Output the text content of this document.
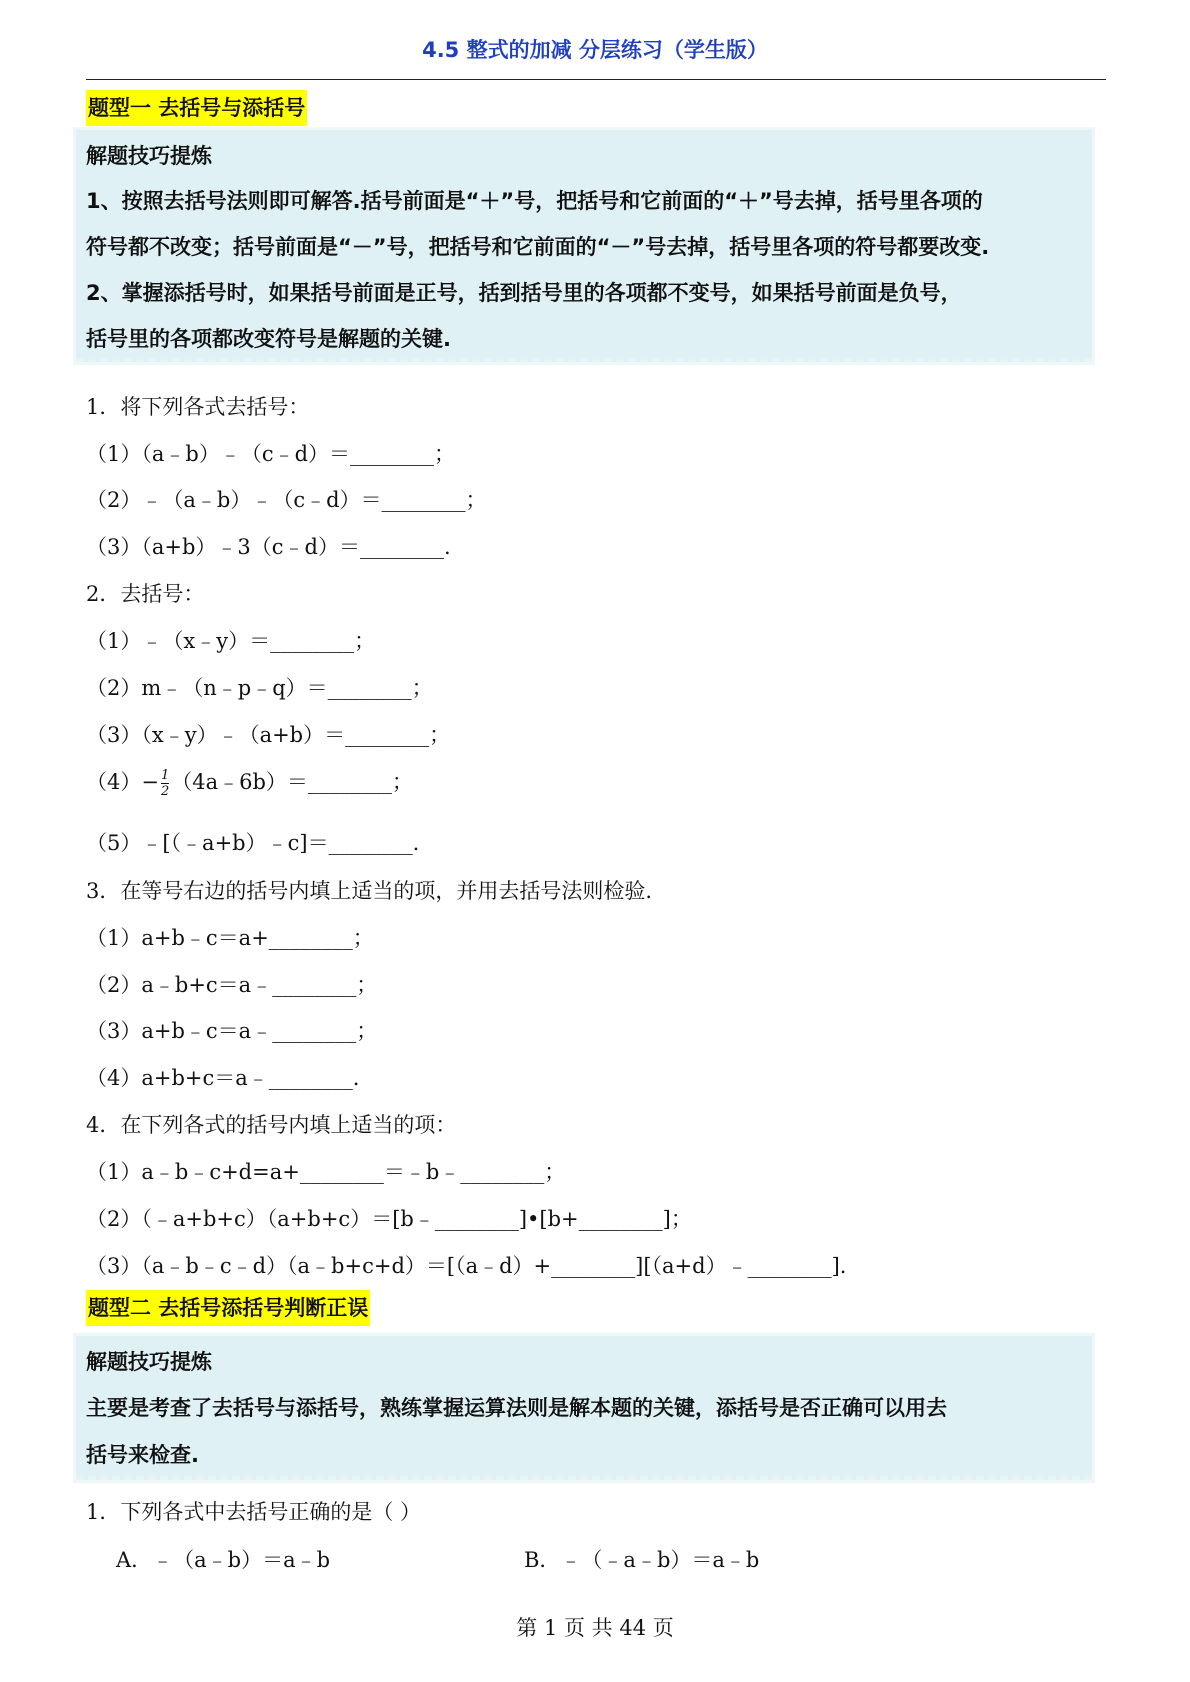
4.5 整式的加减 分层练习（学生版）
题型一 去括号与添括号
解题技巧提炼
1、按照去括号法则即可解答.括号前面是“＋”号，把括号和它前面的“＋”号去掉，括号里各项的
符号都不改变；括号前面是“－”号，把括号和它前面的“－”号去掉，括号里各项的符号都要改变.
2、掌握添括号时，如果括号前面是正号，括到括号里的各项都不变号，如果括号前面是负号，
括号里的各项都改变符号是解题的关键.
1．将下列各式去括号：
（1）（a﹣b）﹣（c﹣d）＝________；
（2）﹣（a﹣b）﹣（c﹣d）＝________；
（3）（a+b）﹣3（c﹣d）＝________.
2．去括号：
（1）﹣（x﹣y）＝________；
（2）m﹣（n﹣p﹣q）＝________；
（3）（x﹣y）﹣（a+b）＝________；
$(4)- \frac{1}{2}$ （4a﹣6b）＝________；
（5）﹣[（﹣a+b）﹣c]＝________.
3．在等号右边的括号内填上适当的项，并用去括号法则检验.
（1）a+b﹣c＝a+________；
（2）a﹣b+c＝a﹣________；
（3）a+b﹣c＝a﹣________；
（4）a+b+c＝a﹣________.
4．在下列各式的括号内填上适当的项：
（1）a﹣b﹣c+d=a+________＝﹣b﹣________；
（2）（﹣a+b+c）（a+b+c）＝[b﹣________]•[b+________]；
（3）（a﹣b﹣c﹣d）（a﹣b+c+d）＝[（a﹣d）+________][（a+d）﹣________].
题型二 去括号添括号判断正误
解题技巧提炼
主要是考查了去括号与添括号，熟练掌握运算法则是解本题的关键，添括号是否正确可以用去
括号来检查.
1．下列各式中去括号正确的是（ ）
A．﹣（a﹣b）＝a﹣b	B．﹣（﹣a﹣b）＝a﹣b
第 1 页 共 44 页
